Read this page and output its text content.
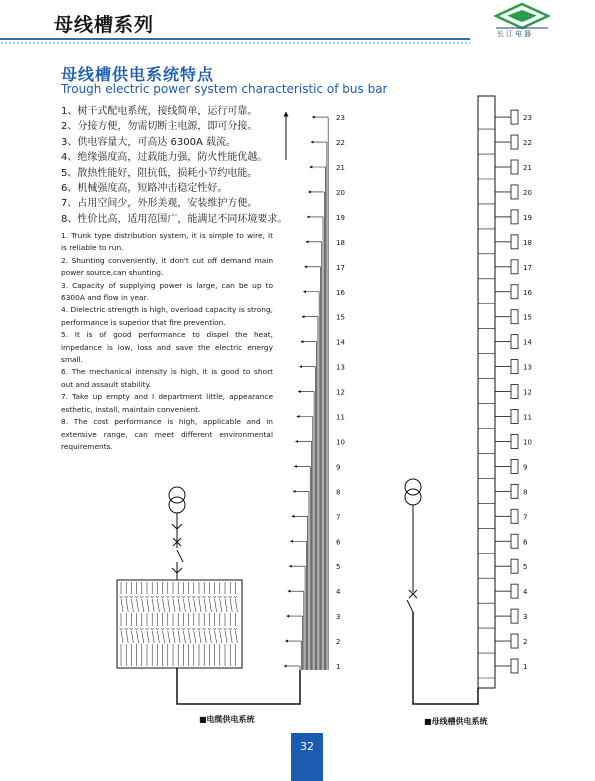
母线槽系列	长江电器
母线槽供电系统特点
Trough electric power system characteristic of bus bar
1、树干式配电系统，接线简单，运行可靠。
2、分接方便，勿需切断主电源，即可分接。
3、供电容量大，可高达 6300A 载流。
4、绝缘强度高，过载能力强，防火性能优越。
5、散热性能好，阻抗低，损耗小节约电能。
6、机械强度高，短路冲击稳定性好。
7、占用空间少，外形美观，安装维护方便。
8、性价比高，适用范围广，能满足不同环境要求。
1. Trunk type distribution system, it is simple to wire, it is reliable to run.
2. Shunting conveniently, it don't cut off demand main power source,can shunting.
3. Capacity of supplying power is large, can be up to 6300A and flow in year.
4. Dielectric strength is high, overload capacity is strong, performance is superior that fire prevention.
5. It is of good performance to dispel the heat, impedance is low, loss and save the electric energy small.
6. The mechanical intensity is high, it is good to short out and assault stability.
7. Take up empty and I department little, appearance esthetic, install, maintain convenient.
8. The cost performance is high, applicable and in extensive range, can meet different environmental requirements.
1
2
3
4
5
6
7
8
9
10
11
12
13
14
15
16
17
18
19
20
21
22
23
1
2
3
4
5
6
7
8
9
10
11
12
13
14
15
16
17
18
19
20
21
22
23
■电缆供电系统	■母线槽供电系统
32
